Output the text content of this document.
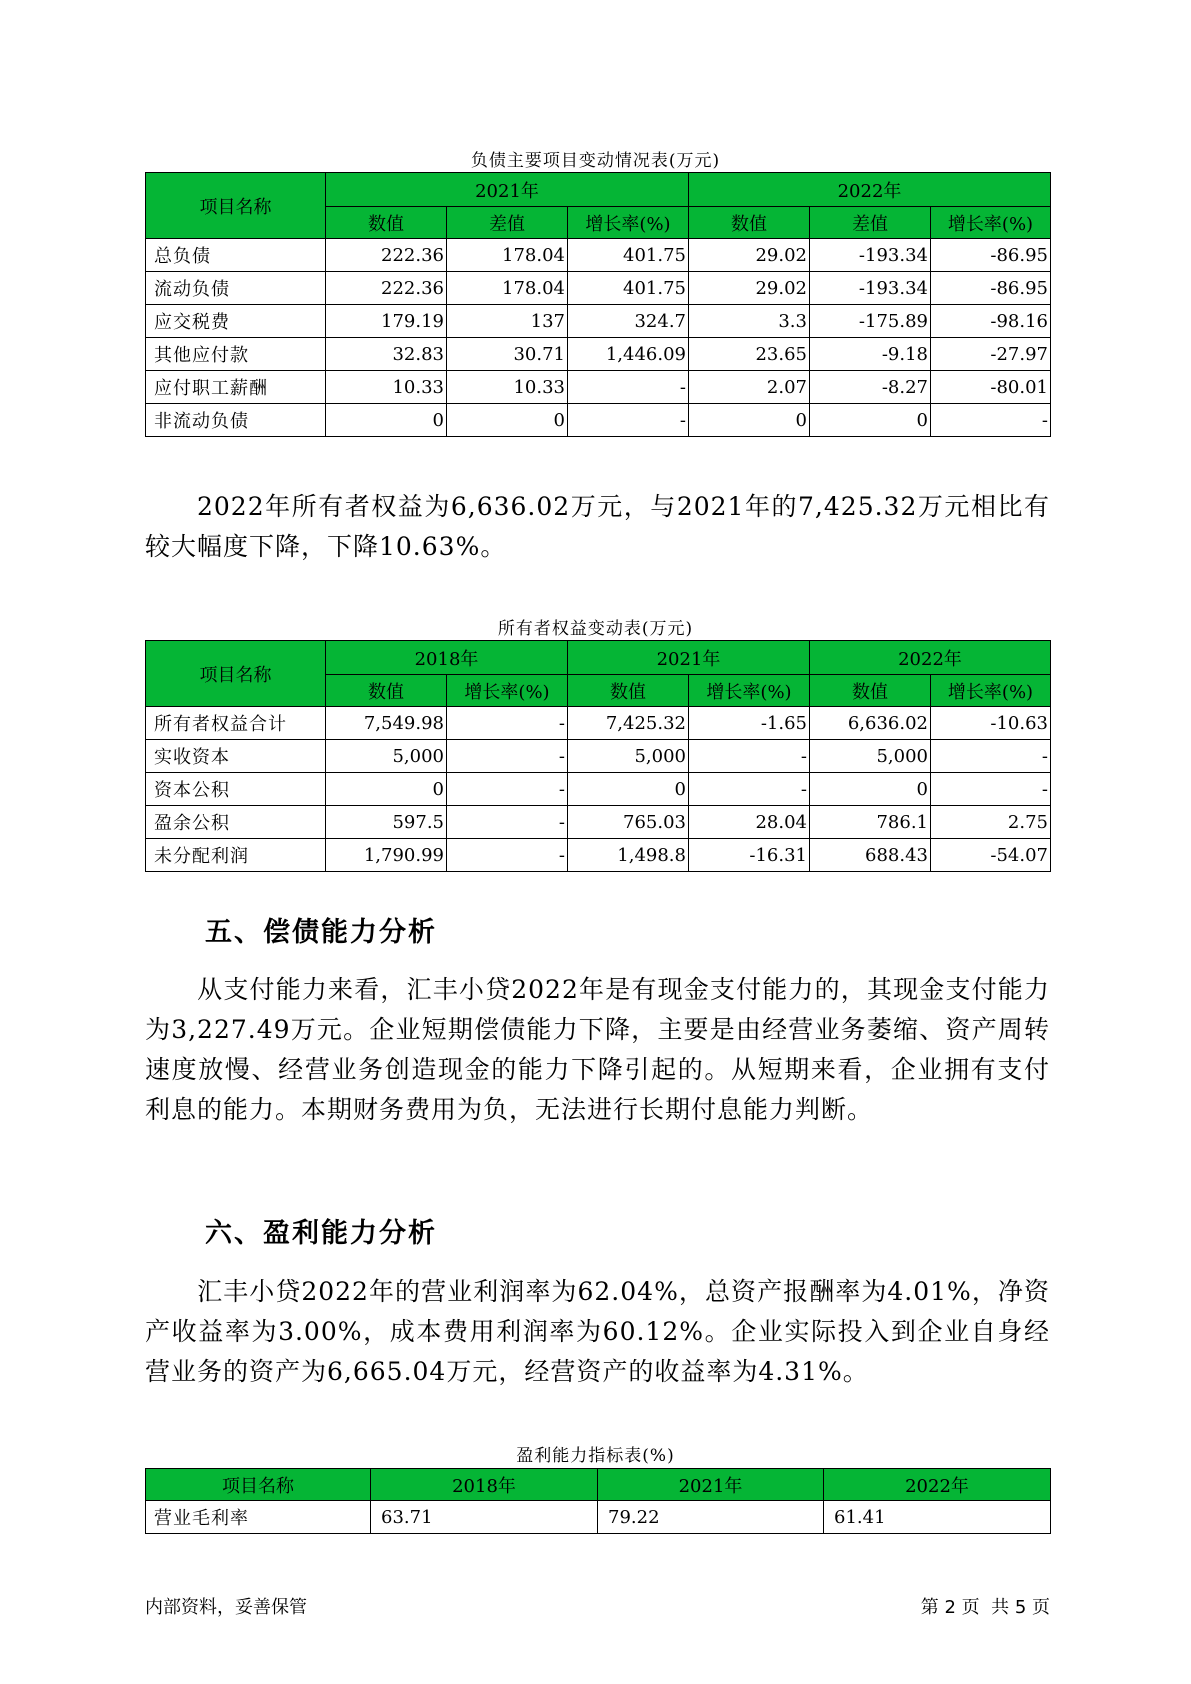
负债主要项目变动情况表(万元)
项目名称	2021年			2022年		
	数值	差值	增长率(%)	数值	差值	增长率(%)
总负债	222.36	178.04	401.75	29.02	-193.34	-86.95
流动负债	222.36	178.04	401.75	29.02	-193.34	-86.95
应交税费	179.19	137	324.7	3.3	-175.89	-98.16
其他应付款	32.83	30.71	1,446.09	23.65	-9.18	-27.97
应付职工薪酬	10.33	10.33	-	2.07	-8.27	-80.01
非流动负债	0	0	-	0	0	-

2022年所有者权益为6,636.02万元，与2021年的7,425.32万元相比有较大幅度下降，下降10.63%。

所有者权益变动表(万元)
项目名称	2018年		2021年		2022年	
	数值	增长率(%)	数值	增长率(%)	数值	增长率(%)
所有者权益合计	7,549.98	-	7,425.32	-1.65	6,636.02	-10.63
实收资本	5,000	-	5,000	-	5,000	-
资本公积	0	-	0	-	0	-
盈余公积	597.5	-	765.03	28.04	786.1	2.75
未分配利润	1,790.99	-	1,498.8	-16.31	688.43	-54.07
五、偿债能力分析

从支付能力来看，汇丰小贷2022年是有现金支付能力的，其现金支付能力为3,227.49万元。企业短期偿债能力下降，主要是由经营业务萎缩、资产周转速度放慢、经营业务创造现金的能力下降引起的。从短期来看，企业拥有支付利息的能力。本期财务费用为负，无法进行长期付息能力判断。

六、盈利能力分析

汇丰小贷2022年的营业利润率为62.04%，总资产报酬率为4.01%，净资产收益率为3.00%，成本费用利润率为60.12%。企业实际投入到企业自身经营业务的资产为6,665.04万元，经营资产的收益率为4.31%。

盈利能力指标表(%)
项目名称	2018年	2021年	2022年
营业毛利率	63.71	79.22	61.41
内部资料，妥善保管	第 2 页  共 5 页
